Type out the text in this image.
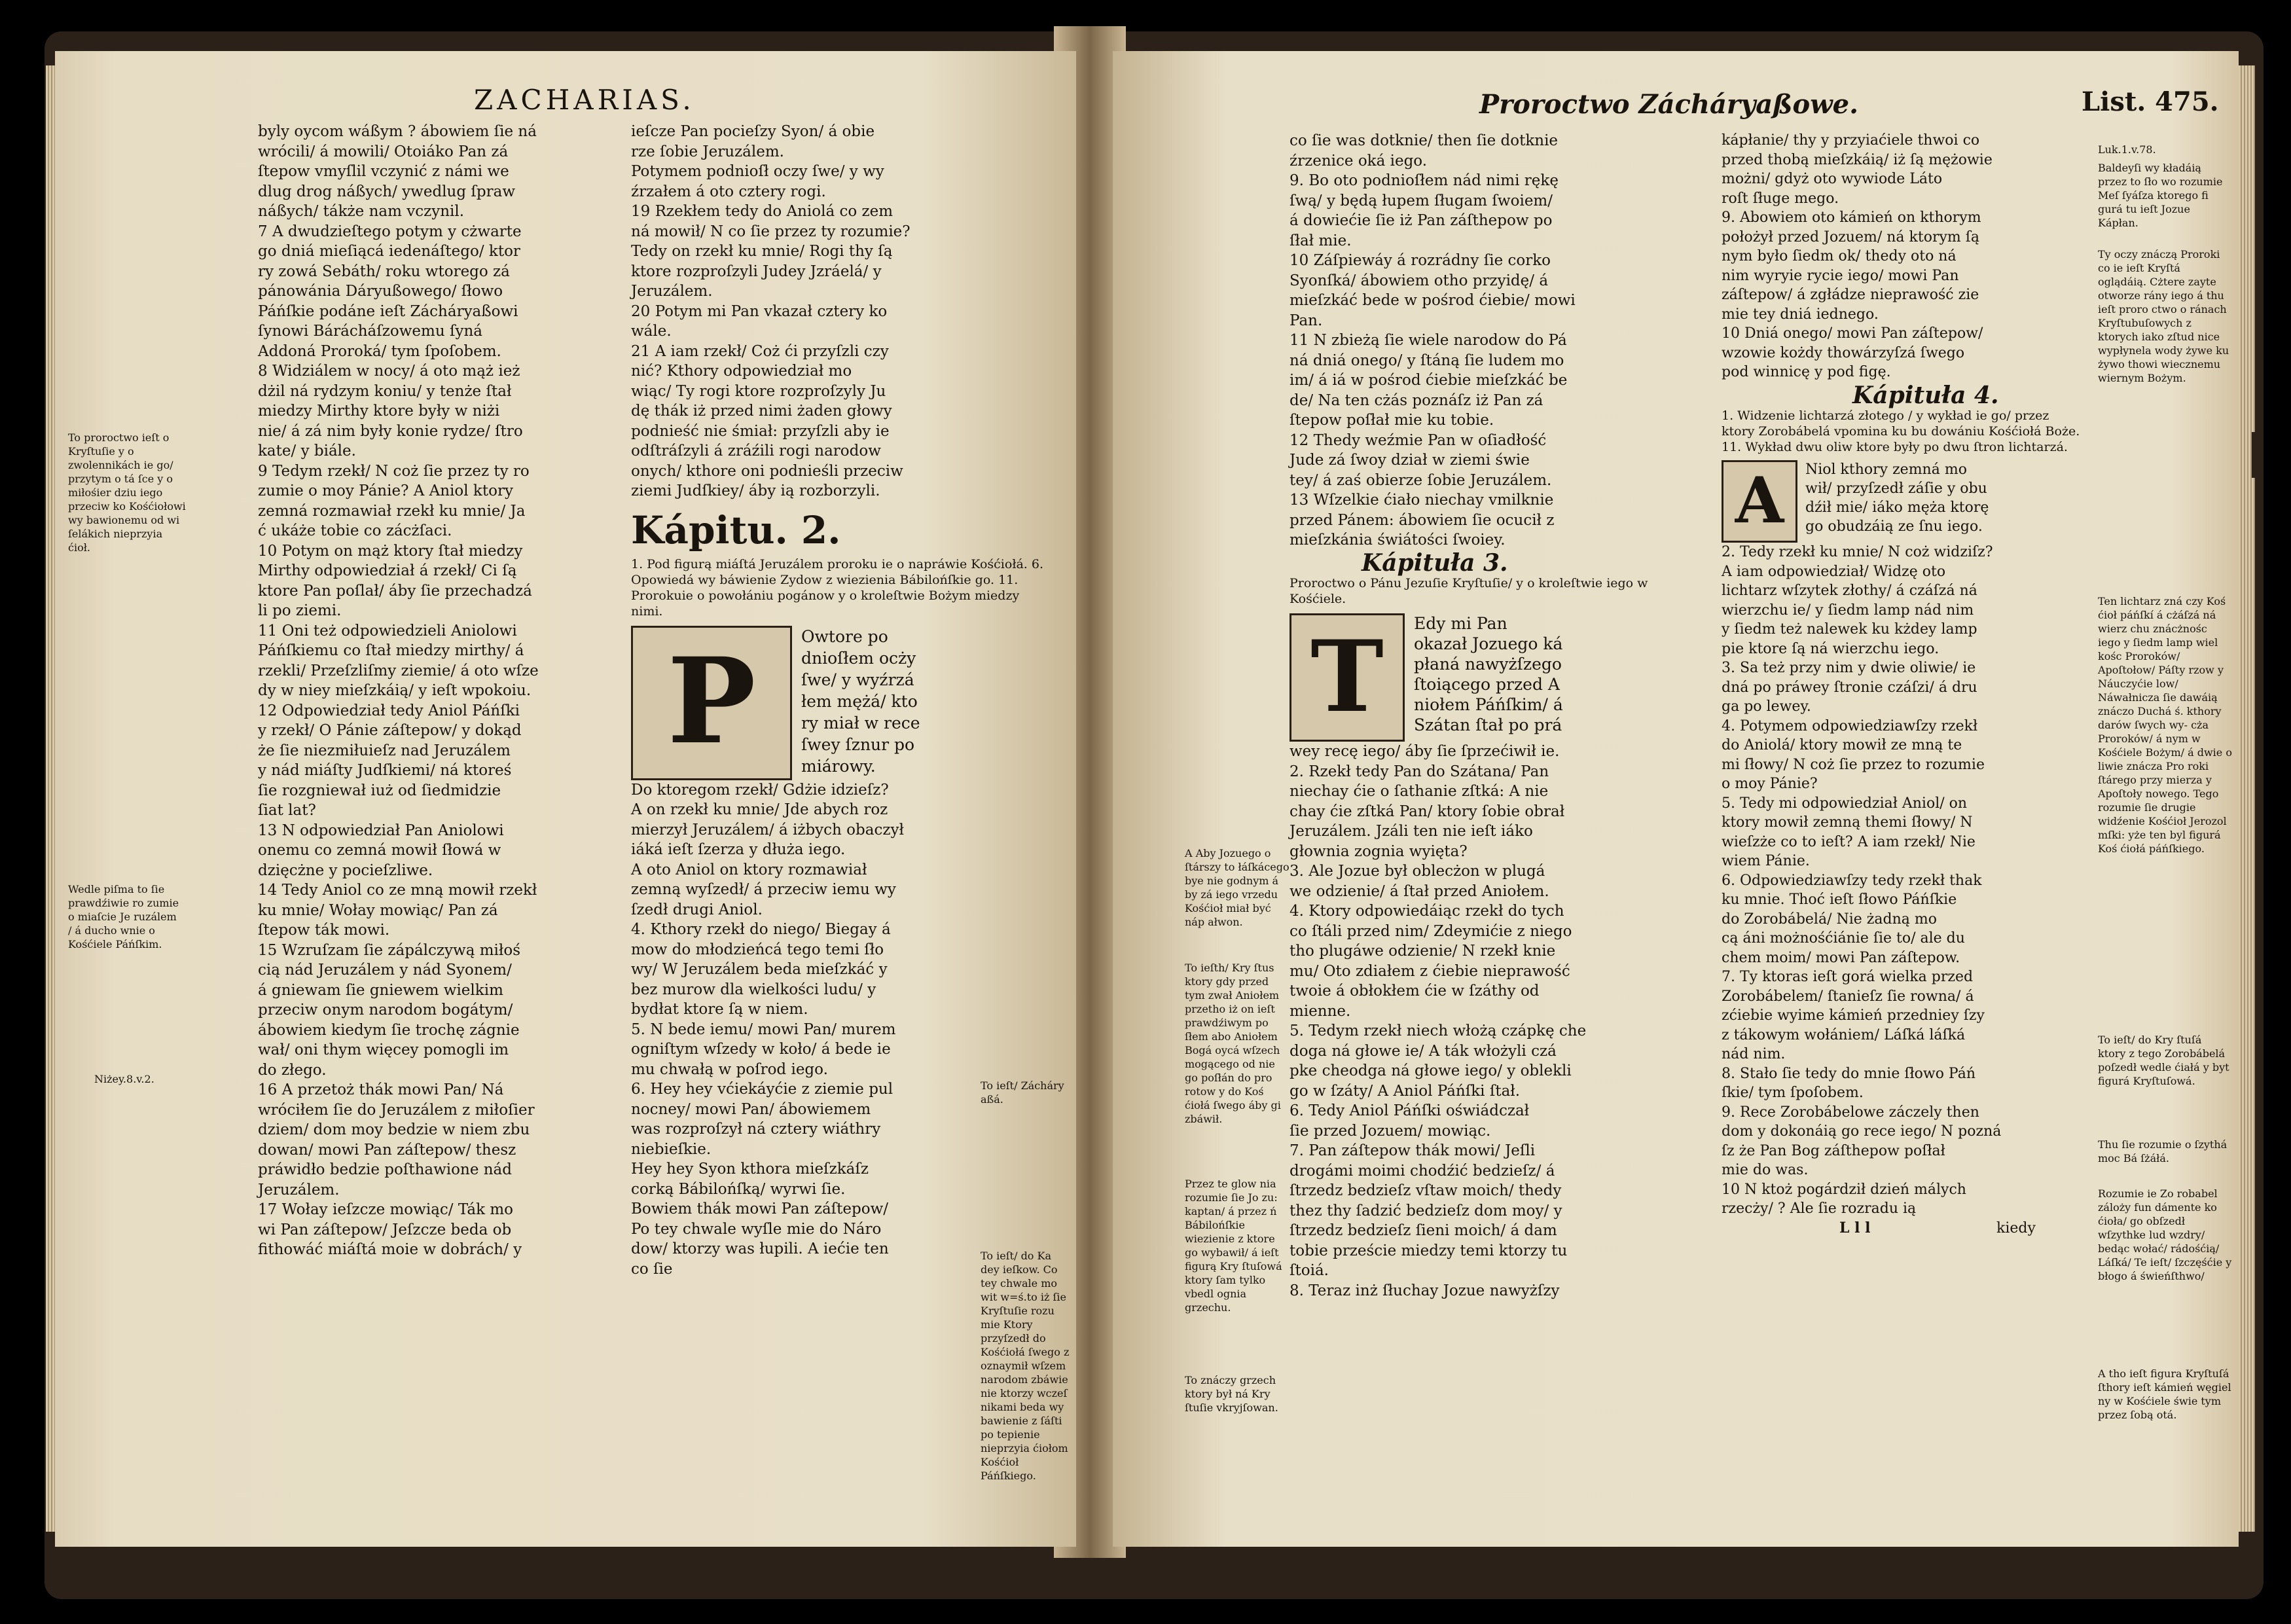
ZACHARIAS.
byly oycom wáßym ? ábowiem ſie ná
wrócili/ á mowili/ Otoiáko Pan zá
ſtepow vmyſlil vczynić z námi we
dlug drog náßych/ ywedlug ſpraw
náßych/ tákże nam vczynil.
7 A dwudzieſtego potym y cżwarte
go dniá mieſiącá iedenáſtego/ ktor
ry zowá Sebáth/ roku wtorego zá
pánowánia Dáryußowego/ ſłowo
Páńſkie podáne ieſt Zácháryaßowi
ſynowi Bárácháſzowemu ſyná
Addoná Proroká/ tym ſpoſobem.
8 Widziálem w nocy/ á oto mąż ież
dżil ná rydzym koniu/ y tenże ſtał
miedzy Mirthy ktore były w niżi
nie/ á zá nim były konie rydze/ ſtro
kate/ y biále.
9 Tedym rzekł/ N coż ſie przez ty ro
zumie o moy Pánie? A Aniol ktory
zemná rozmawiał rzekł ku mnie/ Ja
ć ukáże tobie co zácżſaci.
10 Potym on mąż ktory ſtał miedzy
Mirthy odpowiedział á rzekł/ Ci ſą
ktore Pan poſlał/ áby ſie przechadzá
li po ziemi.
11 Oni też odpowiedzieli Aniolowi
Páńſkiemu co ſtał miedzy mirthy/ á
rzekli/ Przeſzliſmy ziemie/ á oto wſze
dy w niey mieſzkáią/ y ieſt wpokoiu.
12 Odpowiedział tedy Aniol Páńſki
y rzekł/ O Pánie záſtepow/ y dokąd
że ſie niezmiłuieſz nad Jeruzálem
y nád miáſty Judſkiemi/ ná ktoreś
ſie rozgniewał iuż od ſiedmidzie
ſiat lat?
13 N odpowiedział Pan Aniolowi
onemu co zemná mowił ſłowá w
dzięcżne y pocieſzliwe.
14 Tedy Aniol co ze mną mowił rzekł
ku mnie/ Wołay mowiąc/ Pan zá
ſtepow ták mowi.
15 Wzruſzam ſie zápálczywą miłoś
cią nád Jeruzálem y nád Syonem/
á gniewam ſie gniewem wielkim
przeciw onym narodom bogátym/
ábowiem kiedym ſie trochę zágnie
wał/ oni thym więcey pomogli im
do złego.
16 A przetoż thák mowi Pan/ Ná
wróciłem ſie do Jeruzálem z miłoſier
dziem/ dom moy bedzie w niem zbu
dowan/ mowi Pan záſtepow/ thesz
práwidło bedzie poſthawione nád
Jeruzálem.
17 Wołay ieſzcze mowiąc/ Ták mo
wi Pan záſtepow/ Jeſzcze beda ob
fithowáć miáſtá moie w dobrách/ y
ieſcze Pan pocieſzy Syon/ á obie
rze ſobie Jeruzálem.
Potymem podnioſł oczy ſwe/ y wy
źrzałem á oto cztery rogi.
19 Rzekłem tedy do Aniolá co zem
ná mowił/ N co ſie przez ty rozumie?
Tedy on rzekł ku mnie/ Rogi thy ſą
ktore rozproſzyli Judey Jzráelá/ y
Jeruzálem.
20 Potym mi Pan vkazał cztery ko
wále.
21 A iam rzekł/ Coż ći przyſzli czy
nić? Kthory odpowiedział mo
wiąc/ Ty rogi ktore rozproſzyly Ju
dę thák iż przed nimi żaden głowy
podnieść nie śmiał: przyſzli aby ie
odſtráſzyli á zráźili rogi narodow
onych/ kthore oni podnieśli przeciw
ziemi Judſkiey/ áby ią rozborzyli.
Kápitu. 2.
1. Pod figurą miáſtá Jeruzálem proroku ie o napráwie Kośćiołá. 6. Opowiedá wy báwienie Zydow z wiezienia Bábilońſkie go. 11. Prorokuie o powołániu pogánow y o kroleſtwie Bożym miedzy nimi.
P	Owtore po
dnioſłem ocży
ſwe/ y wyźrzá
łem mężá/ kto
ry miał w rece
ſwey ſznur po
miárowy.
Do ktoregom rzekł/ Gdżie idzieſz?
A on rzekł ku mnie/ Jde abych roz
mierzył Jeruzálem/ á iżbych obaczył
iáká ieſt ſzerza y dłuża iego.
A oto Aniol on ktory rozmawiał
zemną wyſzedł/ á przeciw iemu wy
ſzedł drugi Aniol.
4. Kthory rzekł do niego/ Biegay á
mow do młodzieńcá tego temi ſło
wy/ W Jeruzálem beda mieſzkáć y
bez murow dla wielkości ludu/ y
bydłat ktore ſą w niem.
5. N bede iemu/ mowi Pan/ murem
ogniſtym wſzedy w koło/ á bede ie
mu chwałą w poſrod iego.
6. Hey hey vćiekáyćie z ziemie pul
nocney/ mowi Pan/ ábowiemem
was rozproſzył ná cztery wiáthry
niebieſkie.
Hey hey Syon kthora mieſzkáſz
corką Bábilońſką/ wyrwi ſie.
Bowiem thák mowi Pan záſtepow/
Po tey chwale wyſle mie do Náro
dow/ ktorzy was łupili. A iećie ten
co ſie
To proroctwo ieſt o Kryſtuſie y o zwolennikách ie go/ przytym o tá ſce y o miłośier dziu iego przeciw ko Kośćiołowi wy bawionemu od wi ſelákich nieprzyia ćioł.
Wedle piſma to ſie prawdźiwie ro zumie o miaſcie Je ruzálem / á ducho wnie o Kośćiele Páńſkim.
Niżey.8.v.2.
To ieſt/ Zácháry aßá.
To ieſt/ do Ka dey ieſkow. Co tey chwale mo wit w=ś.to iż ſie Kryſtuſie rozu mie Ktory przyſzedł do Kośćiołá ſwego z oznaymił wſzem narodom zbáwie nie ktorzy wczeſ nikami beda wy bawienie z ſáſti po tepienie nieprzyia ćiołom Kośćioł Páńſkiego.
Proroctwo Zácháryaßowe.	List. 475.
co ſie was dotknie/ then ſie dotknie
źrzenice oká iego.
9. Bo oto podnioſłem nád nimi rękę
ſwą/ y będą łupem ſługam ſwoiem/
á dowiećie ſie iż Pan záſthepow po
ſłał mie.
10 Záſpiewáy á rozrádny ſie corko
Syonſká/ ábowiem otho przyidę/ á
mieſzkáć bede w pośrod ćiebie/ mowi
Pan.
11 N zbieżą ſie wiele narodow do Pá
ná dniá onego/ y ſtáną ſie ludem mo
im/ á iá w pośrod ćiebie mieſzkáć be
de/ Na ten cżás poznáſz iż Pan zá
ſtepow poſłał mie ku tobie.
12 Thedy weźmie Pan w oſiadłość
Jude zá ſwoy dział w ziemi świe
tey/ á zaś obierze ſobie Jeruzálem.
13 Wſzelkie ćiało niechay vmilknie
przed Pánem: ábowiem ſie ocucił z
mieſzkánia świátości ſwoiey.
Kápituła 3.
Proroctwo o Pánu Jezuſie Kryſtuſie/ y o kroleſtwie iego w Kośćiele.
T	Edy mi Pan
okazał Jozuego ká
płaná nawyżſzego
ſtoiącego przed A
niołem Páńſkim/ á
Szátan ſtał po prá
wey recę iego/ áby ſie ſprzećiwił ie.
2. Rzekł tedy Pan do Szátana/ Pan
niechay ćie o ſathanie zſtká: A nie
chay ćie zſtká Pan/ ktory ſobie obrał
Jeruzálem. Jzáli ten nie ieſt iáko
głownia zognia wyięta?
3. Ale Jozue był oblecżon w plugá
we odzienie/ á ſtał przed Aniołem.
4. Ktory odpowiedáiąc rzekł do tych
co ſtáli przed nim/ Zdeymićie z niego
tho plugáwe odzienie/ N rzekł knie
mu/ Oto zdiałem z ćiebie nieprawość
twoie á obłokłem ćie w ſzáthy od
mienne.
5. Tedym rzekł niech włożą czápkę che
doga ná głowe ie/ A ták włożyli czá
pke cheodga ná głowe iego/ y oblekli
go w ſzáty/ A Aniol Páńſki ſtał.
6. Tedy Aniol Páńſki oświádczał
ſie przed Jozuem/ mowiąc.
7. Pan záſtepow thák mowi/ Jeſli
drogámi moimi chodźić bedzieſz/ á
ſtrzedz bedzieſz vſtaw moich/ thedy
thez thy ſadzić bedzieſz dom moy/ y
ſtrzedz bedzieſz ſieni moich/ á dam
tobie przeście miedzy temi ktorzy tu
ſtoiá.
8. Teraz inż ſłuchay Jozue nawyżſzy
kápłanie/ thy y przyiaćiele thwoi co
przed thobą mieſzkáią/ iż ſą mężowie
możni/ gdyż oto wywiode Láto
roſt ſługe mego.
9. Abowiem oto kámień on kthorym
położył przed Jozuem/ ná ktorym ſą
nym było ſiedm ok/ thedy oto ná
nim wyryie rycie iego/ mowi Pan
záſtepow/ á zgłádze nieprawość zie
mie tey dniá iednego.
10 Dniá onego/ mowi Pan záſtepow/
wzowie kożdy thowárzyſzá ſwego
pod winnicę y pod figę.
Kápituła 4.
1. Widzenie lichtarzá złotego / y wykład ie go/ przez ktory Zorobábelá vpomina ku bu dowániu Kośćiołá Boże. 11. Wykład dwu oliw ktore były po dwu ſtron lichtarzá.
A	Niol kthory zemná mo
wił/ przyſzedł záſie y obu
dźił mie/ iáko męża ktorę
go obudzáią ze ſnu iego.
2. Tedy rzekł ku mnie/ N coż widziſz?
A iam odpowiedział/ Widzę oto
lichtarz wſzytek złothy/ á czáſzá ná
wierzchu ie/ y ſiedm lamp nád nim
y ſiedm też nalewek ku kżdey lamp
pie ktore ſą ná wierzchu iego.
3. Sa też przy nim y dwie oliwie/ ie
dná po práwey ſtronie czáſzi/ á dru
ga po lewey.
4. Potymem odpowiedziawſzy rzekł
do Aniolá/ ktory mowił ze mną te
mi ſłowy/ N coż ſie przez to rozumie
o moy Pánie?
5. Tedy mi odpowiedział Aniol/ on
ktory mowił zemną themi ſłowy/ N
wieſzże co to ieſt? A iam rzekł/ Nie
wiem Pánie.
6. Odpowiedziawſzy tedy rzekł thak
ku mnie. Thoć ieſt ſłowo Páńſkie
do Zorobábelá/ Nie żadną mo
cą áni możnośćiánie ſie to/ ale du
chem moim/ mowi Pan záſtepow.
7. Ty ktoras ieſt gorá wielka przed
Zorobábelem/ ſtanieſz ſie rowna/ á
zćiebie wyime kámień przedniey ſzy
z tákowym wołániem/ Láſká láſká
nád nim.
8. Stało ſie tedy do mnie ſłowo Páń
ſkie/ tym ſpoſobem.
9. Rece Zorobábelowe záczely then
dom y dokonáią go rece iego/ N pozná
ſz że Pan Bog záſthepow poſłał
mie do was.
10 N ktoż pogárdził dzień málych
rzecży/ ? Ale ſie rozradu ią
L l l	kiedy
A Aby Jozuego o ſtárszy to łáſkácego bye nie godnym á by zá iego vrzedu Kośćioł miał być náp ałwon.
To ieſth/ Kry ſtus ktory gdy przed tym zwał Aniołem przetho iż on ieſt prawdźiwym po ſłem abo Aniołem Bogá oycá wſzech mogącego od nie go poſłán do pro rotow y do Koś ćiołá ſwego áby gi zbáwił.
Przez te glow nia rozumie ſie Jo zu: kaptan/ á przez ń Bábilońſkie wiezienie z ktore go wybawił/ á ieſt figurą Kry ſtuſowá ktory ſam tylko vbedl ognia grzechu.
To znáczy grzech ktory był ná Kry ſtuſie vkryjſowan.
Luk.1.v.78.
Baldeyſi wy kładáią przez to ſło wo rozumie Meſ ſyáſza ktorego fi gurá tu ieſt Jozue Kápłan.
Ty oczy znáczą Proroki co ie ieſt Kryſtá oglądáią. Cżtere zayte otworze rány iego á thu ieſt proro ctwo o ránach Kryſtubuſowych z ktorych iako zſtud nice wypłynela wody żywe ku żywo thowi wiecznemu wiernym Bożym.
Ten lichtarz zná czy Koś ćioł páńſkí á cżáſzá ná wierz chu znácżnośc iego y ſiedm lamp wiel kośc Proroków/ Apoſtołow/ Páſty rzow y Náuczyćie low/ Náwałnicza ſie dawáią znáczo Duchá ś. kthory darów ſwych wy- cża Proroków/ á nym w Kośćiele Bożym/ á dwie o liwie znácza Pro roki ſtárego przy mierza y Apoſtoły nowego. Tego rozumie ſie drugie widźenie Kośćioł Jerozol mſki: yże ten byl figurá Koś ćiołá páńſkiego.
To ieſt/ do Kry ſtuſá ktory z tego Zorobábelá poſzedł wedle ćiałá y byt figurá Kryſtuſowá.
Thu ſie rozumie o ſzythá moc Bá ſżáłá.
Rozumie ie Zo robabel záloży fun dámente ko ćioła/ go obſzedł wſzythke lud wzdry/ bedąc wołać/ rádośćią/ Láſká/ Te ieſt/ ſzczęśćie y błogo á świeńſthwo/
A tho ieſt figura Kryſtuſá ſthory ieſt kámień węgiel ny w Kośćiele świe tym przez ſobą otá.
